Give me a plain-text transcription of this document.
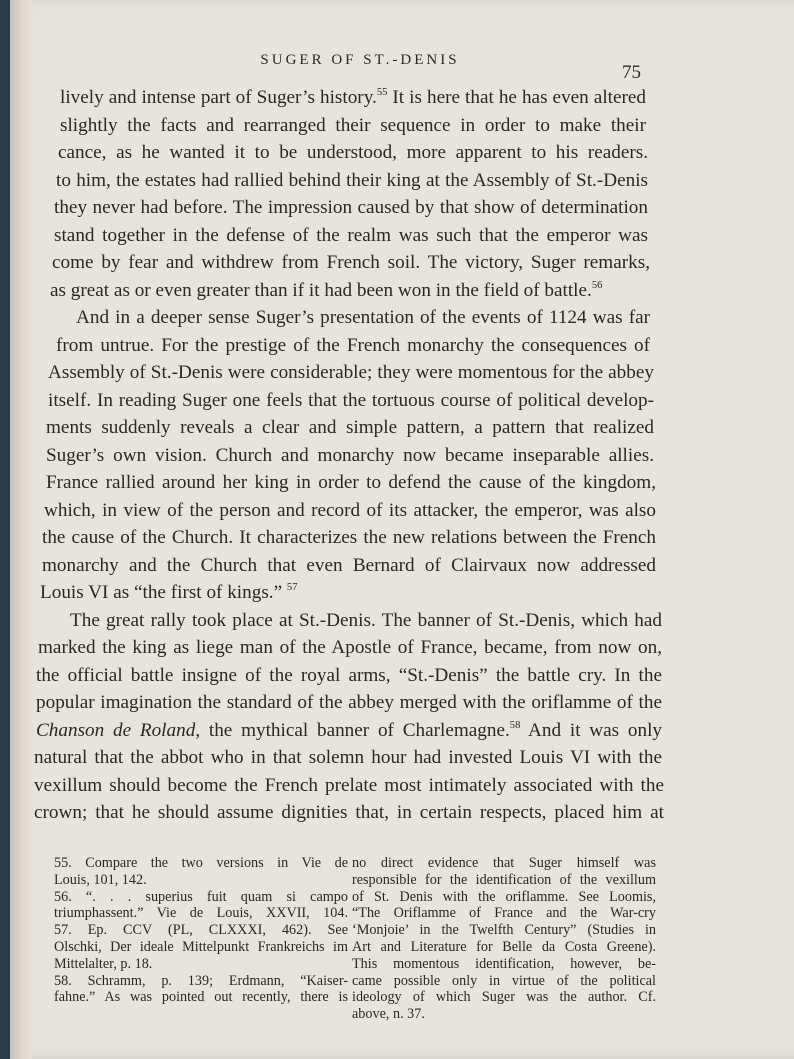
SUGER OF ST.-DENIS
75
lively and intense part of Suger’s history.$^{55}$ It is here that he has even altered
slightly the facts and rearranged their sequence in order to make their
cance, as he wanted it to be understood, more apparent to his readers.
to him, the estates had rallied behind their king at the Assembly of St.-Denis
they never had before. The impression caused by that show of determination
stand together in the defense of the realm was such that the emperor was
come by fear and withdrew from French soil. The victory, Suger remarks,
as great as or even greater than if it had been won in the field of battle.$^{56}$
And in a deeper sense Suger’s presentation of the events of 1124 was far
from untrue. For the prestige of the French monarchy the consequences of
Assembly of St.-Denis were considerable; they were momentous for the abbey
itself. In reading Suger one feels that the tortuous course of political develop-
ments suddenly reveals a clear and simple pattern, a pattern that realized
Suger’s own vision. Church and monarchy now became inseparable allies.
France rallied around her king in order to defend the cause of the kingdom,
which, in view of the person and record of its attacker, the emperor, was also
the cause of the Church. It characterizes the new relations between the French
monarchy and the Church that even Bernard of Clairvaux now addressed
Louis VI as “the first of kings.” $^{57}$
The great rally took place at St.-Denis. The banner of St.-Denis, which had
marked the king as liege man of the Apostle of France, became, from now on,
the official battle insigne of the royal arms, “St.-Denis” the battle cry. In the
popular imagination the standard of the abbey merged with the oriflamme of the
Chanson de Roland, the mythical banner of Charlemagne.$^{58}$ And it was only
natural that the abbot who in that solemn hour had invested Louis VI with the
vexillum should become the French prelate most intimately associated with the
crown; that he should assume dignities that, in certain respects, placed him at
55. Compare the two versions in Vie de
Louis, 101, 142.
56. “. . . superius fuit quam si campo
triumphassent.” Vie de Louis, XXVII, 104.
57. Ep. CCV (PL, CLXXXI, 462). See
Olschki, Der ideale Mittelpunkt Frankreichs im
Mittelalter, p. 18.
58. Schramm, p. 139; Erdmann, “Kaiser-
fahne.” As was pointed out recently, there is
no direct evidence that Suger himself was
responsible for the identification of the vexillum
of St. Denis with the oriflamme. See Loomis,
“The Oriflamme of France and the War-cry
‘Monjoie’ in the Twelfth Century” (Studies in
Art and Literature for Belle da Costa Greene).
This momentous identification, however, be-
came possible only in virtue of the political
ideology of which Suger was the author. Cf.
above, n. 37.
